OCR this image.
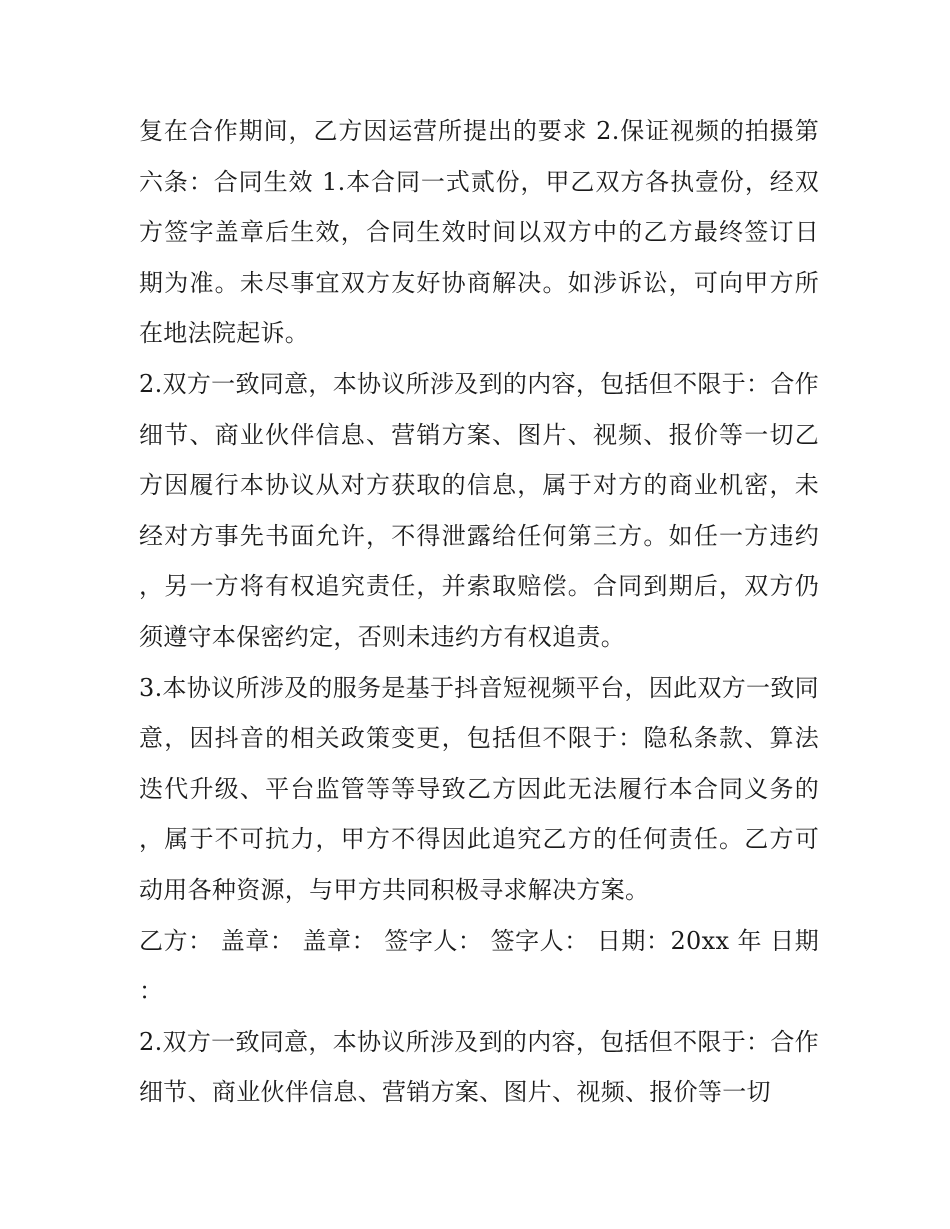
复在合作期间，乙方因运营所提出的要求 2.保证视频的拍摄第六条：合同生效 1.本合同一式贰份，甲乙双方各执壹份，经双方签字盖章后生效，合同生效时间以双方中的乙方最终签订日期为准。未尽事宜双方友好协商解决。如涉诉讼，可向甲方所在地法院起诉。

2.双方一致同意，本协议所涉及到的内容，包括但不限于：合作细节、商业伙伴信息、营销方案、图片、视频、报价等一切乙方因履行本协议从对方获取的信息，属于对方的商业机密，未经对方事先书面允许，不得泄露给任何第三方。如任一方违约，另一方将有权追究责任，并索取赔偿。合同到期后，双方仍须遵守本保密约定，否则未违约方有权追责。

3.本协议所涉及的服务是基于抖音短视频平台，因此双方一致同意，因抖音的相关政策变更，包括但不限于：隐私条款、算法迭代升级、平台监管等等导致乙方因此无法履行本合同义务的，属于不可抗力，甲方不得因此追究乙方的任何责任。乙方可动用各种资源，与甲方共同积极寻求解决方案。

乙方： 盖章： 盖章： 签字人： 签字人： 日期：20xx 年 日期：

2.双方一致同意，本协议所涉及到的内容，包括但不限于：合作细节、商业伙伴信息、营销方案、图片、视频、报价等一切
